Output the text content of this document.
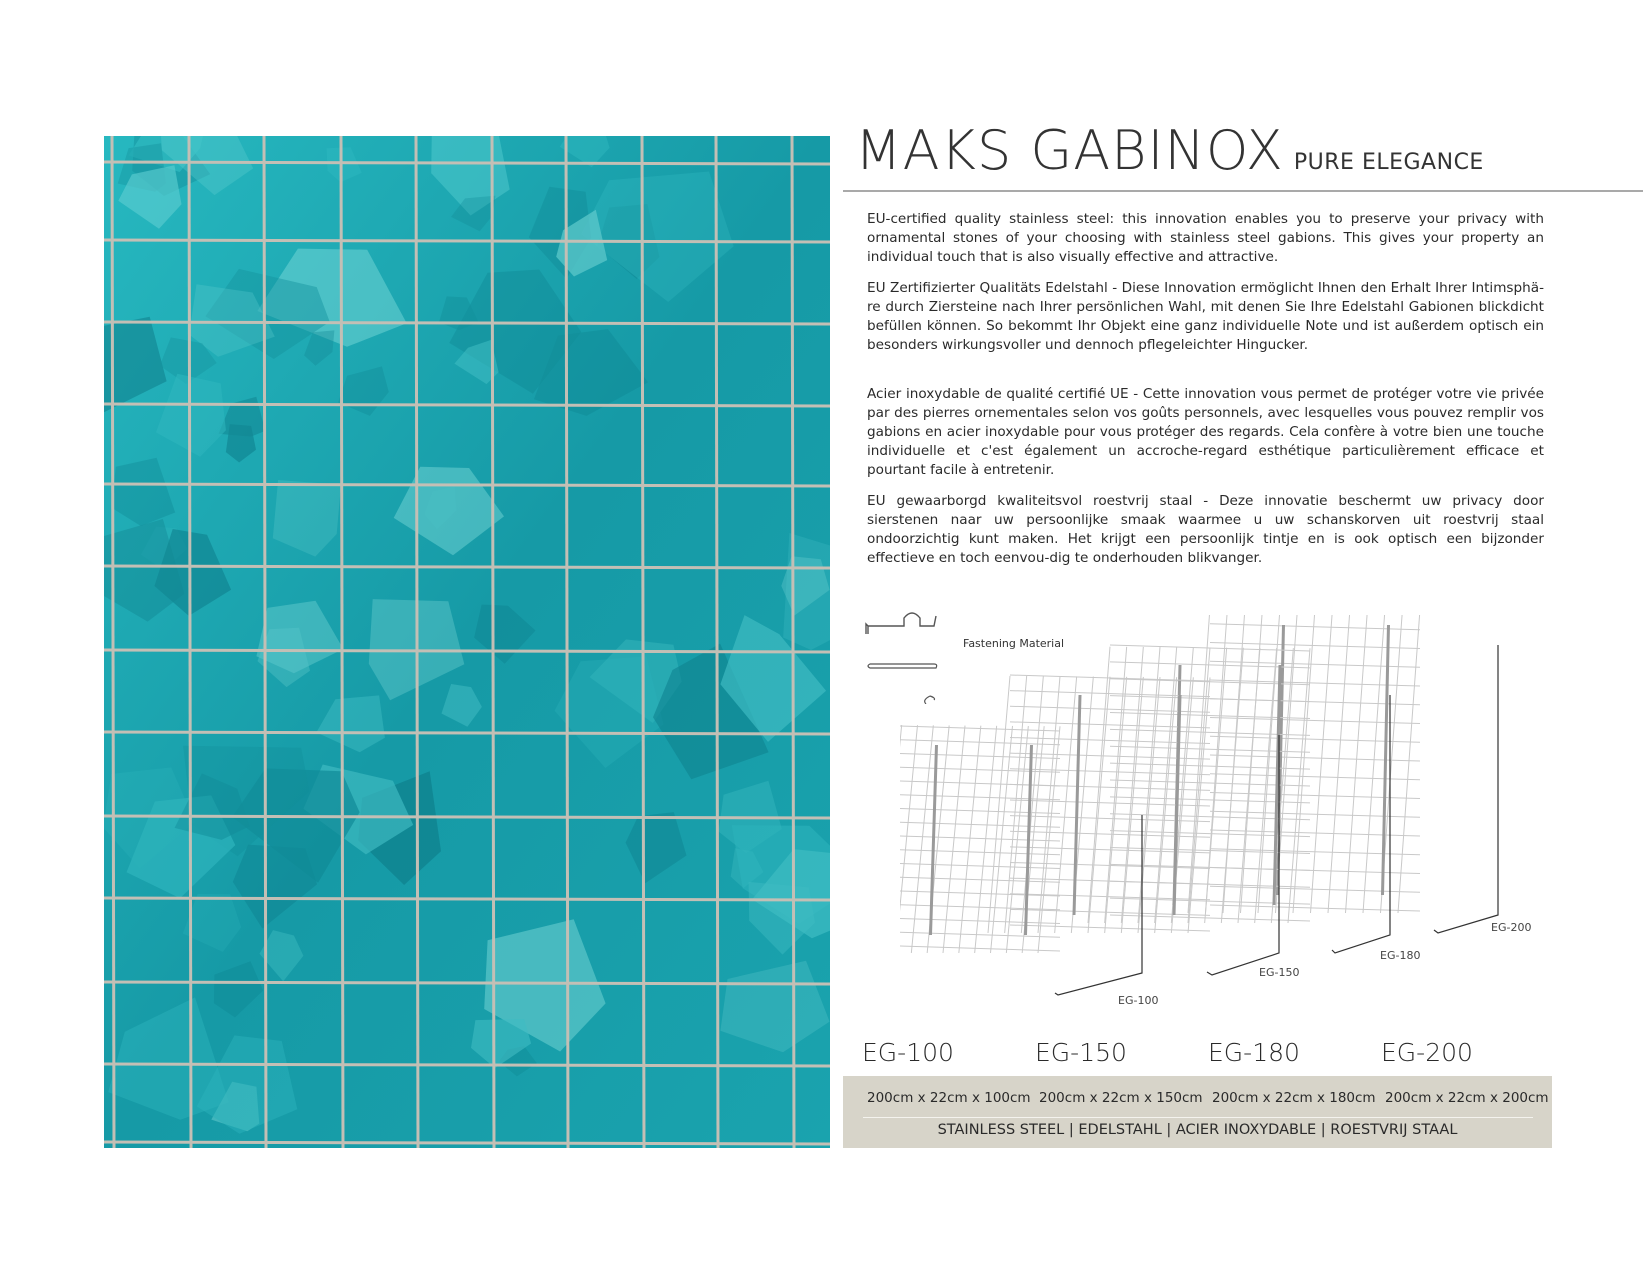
MAKS GABINOX PURE ELEGANCE

EU-certified quality stainless steel: this innovation enables you to preserve your privacy with ornamental stones of your choosing with stainless steel gabions. This gives your property an individual touch that is also visually effective and attractive.

EU Zertifizierter Qualitäts Edelstahl - Diese Innovation ermöglicht Ihnen den Erhalt Ihrer Intimsphä-re durch Ziersteine nach Ihrer persönlichen Wahl, mit denen Sie Ihre Edelstahl Gabionen blickdicht befüllen können. So bekommt Ihr Objekt eine ganz individuelle Note und ist außerdem optisch ein besonders wirkungsvoller und dennoch pflegeleichter Hingucker.

Acier inoxydable de qualité certifié UE - Cette innovation vous permet de protéger votre vie privée par des pierres ornementales selon vos goûts personnels, avec lesquelles vous pouvez remplir vos gabions en acier inoxydable pour vous protéger des regards. Cela confère à votre bien une touche individuelle et c'est également un accroche-regard esthétique particulièrement efficace et pourtant facile à entretenir.

EU gewaarborgd kwaliteitsvol roestvrij staal - Deze innovatie beschermt uw privacy door sierstenen naar uw persoonlijke smaak waarmee u uw schanskorven uit roestvrij staal ondoorzichtig kunt maken. Het krijgt een persoonlijk tintje en is ook optisch een bijzonder effectieve en toch eenvou-dig te onderhouden blikvanger.

Fastening Material
EG-100
EG-150
EG-180
EG-200
EG-100	EG-150	EG-180	EG-200
200cm x 22cm x 100cm 200cm x 22cm x 150cm 200cm x 22cm x 180cm 200cm x 22cm x 200cm
STAINLESS STEEL | EDELSTAHL | ACIER INOXYDABLE | ROESTVRIJ STAAL
